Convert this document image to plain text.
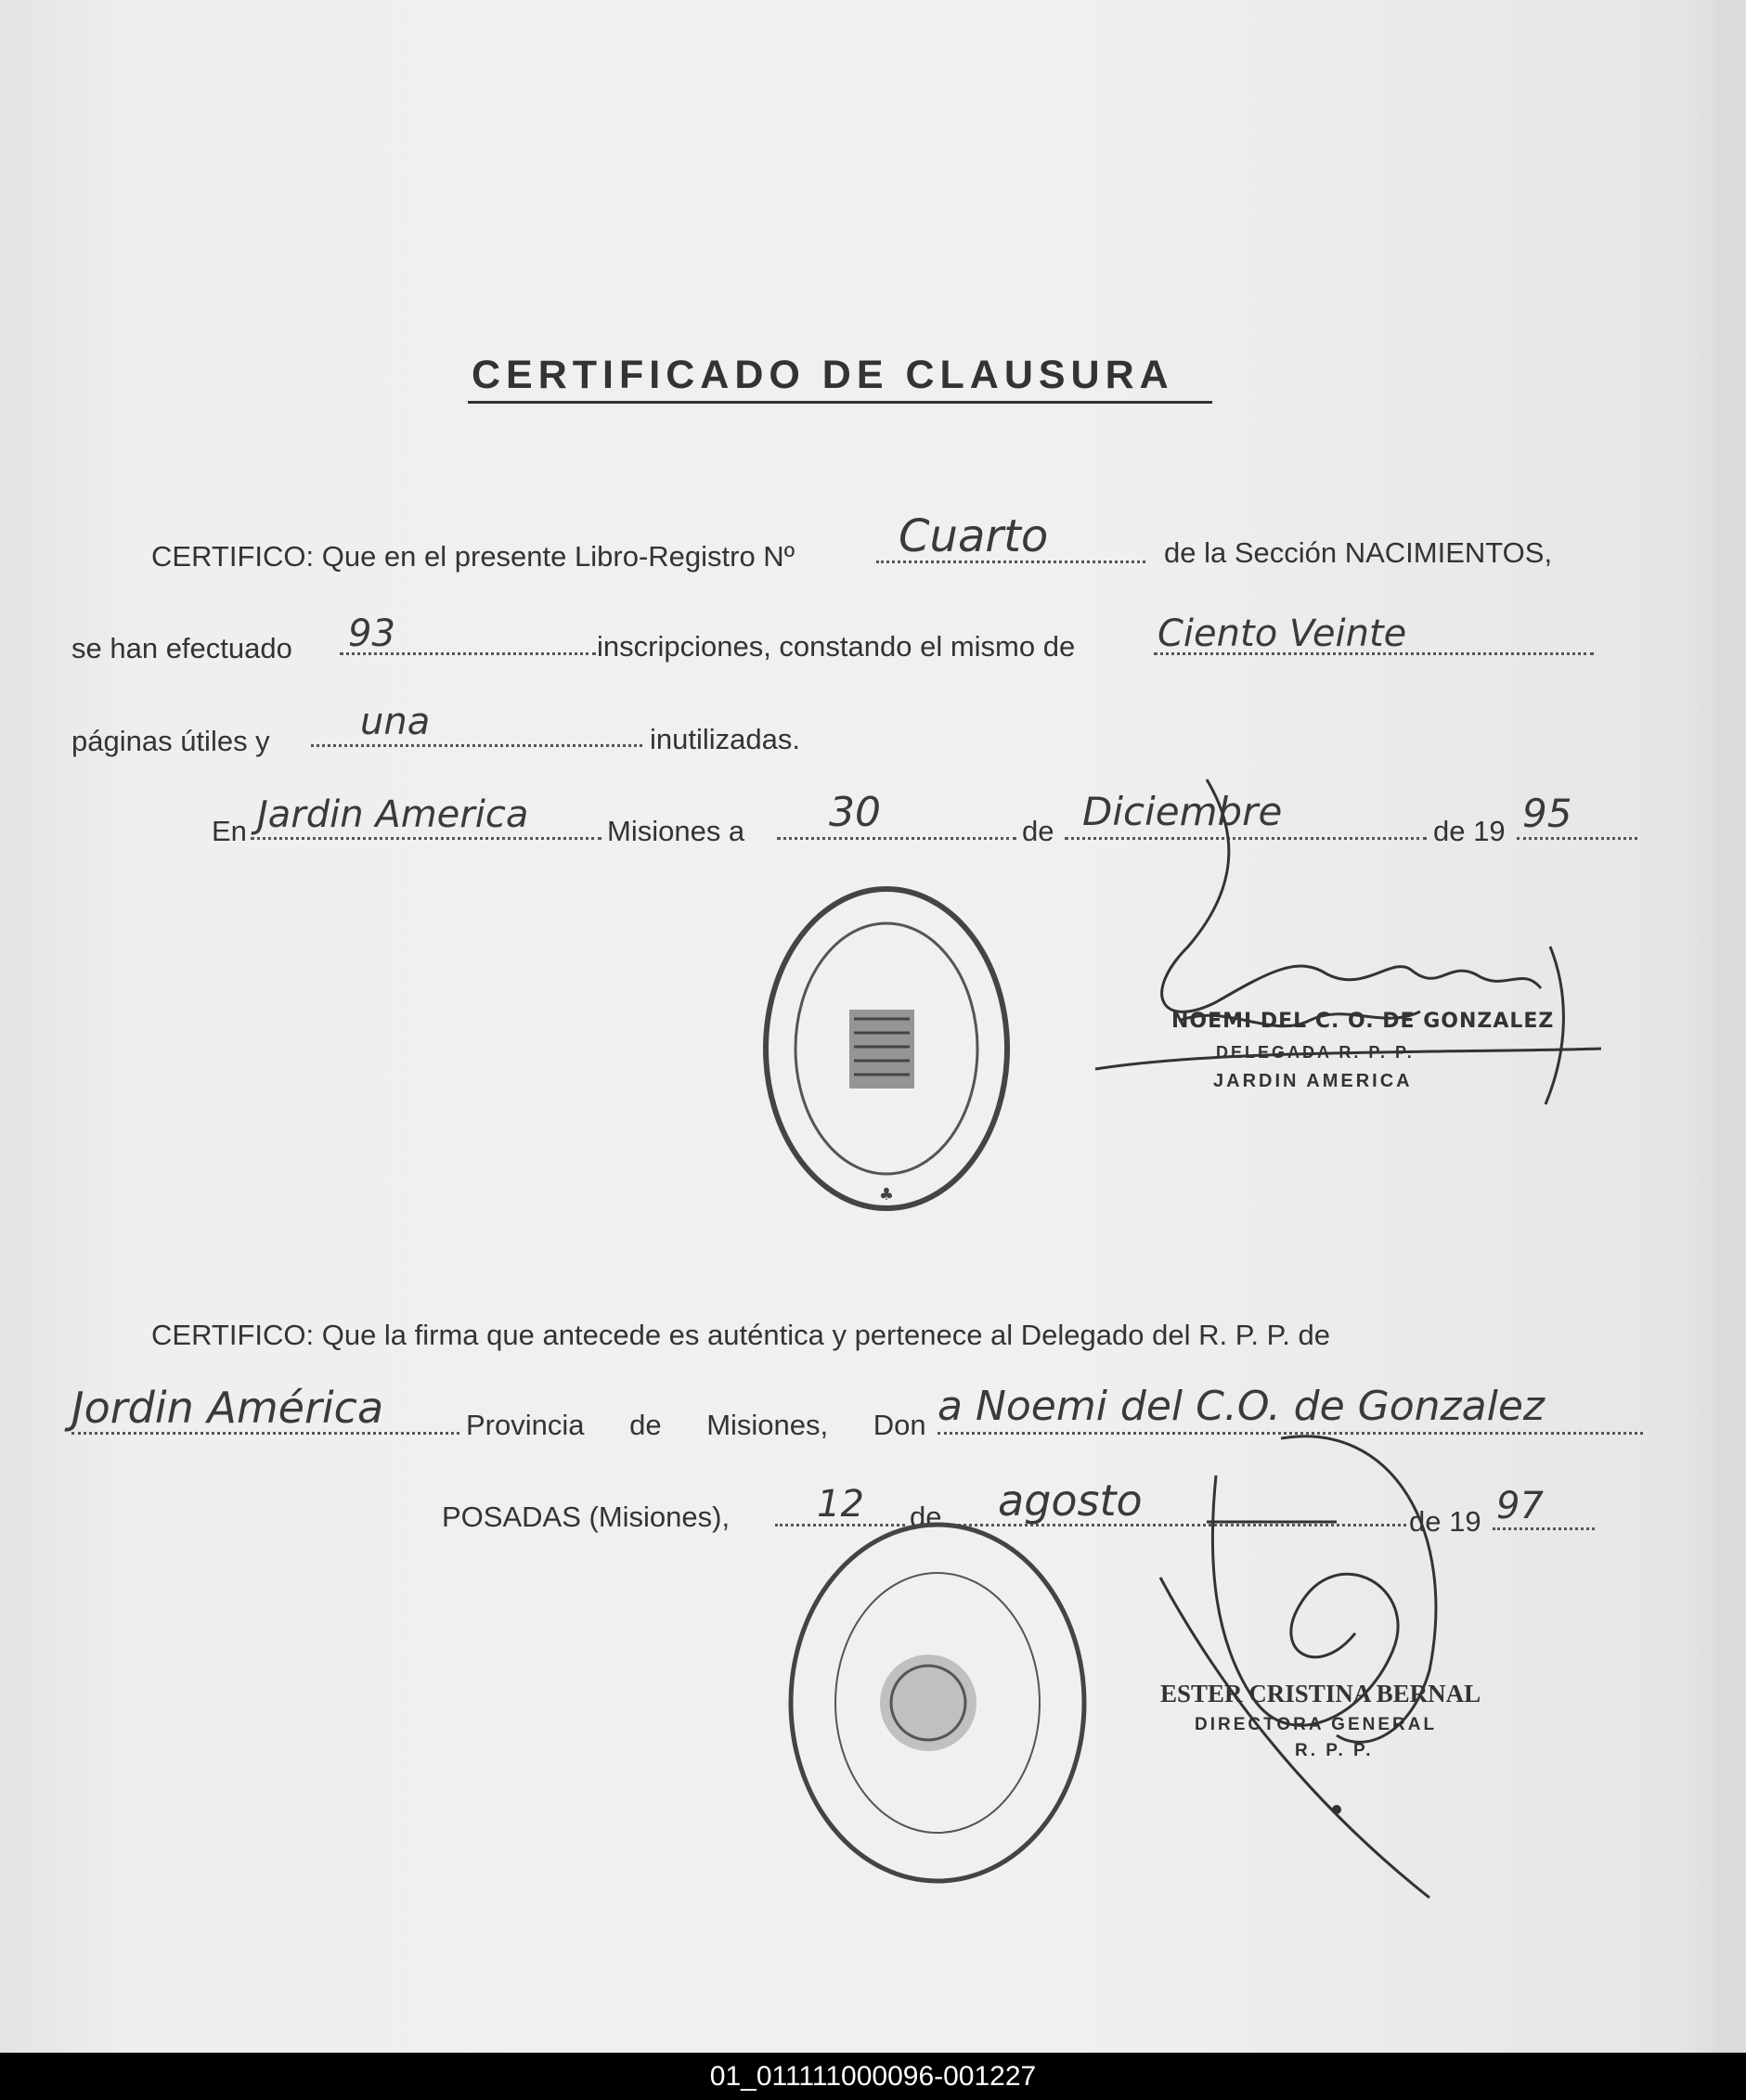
CERTIFICADO DE CLAUSURA
CERTIFICO: Que en el presente Libro-Registro Nº Cuarto	de la Sección NACIMIENTOS,
se han efectuado 93	inscripciones, constando el mismo de Ciento Veinte
páginas útiles y una	inutilizadas.
En Jardin America	Misiones a 30	de Diciembre	de 19 95
♣
NOEMI DEL C. O. DE GONZALEZ
DELEGADA R. P. P.
JARDIN AMERICA
CERTIFICO: Que la firma que antecede es auténtica y pertenece al Delegado del R. P. P. de
Jordin América	Provincia de Misiones, Don a Noemi del C.O. de Gonzalez
POSADAS (Misiones), 12 de agosto	de 19 97
ESTER CRISTINA BERNAL
DIRECTORA GENERAL
R. P. P.
01_011111000096-001227
